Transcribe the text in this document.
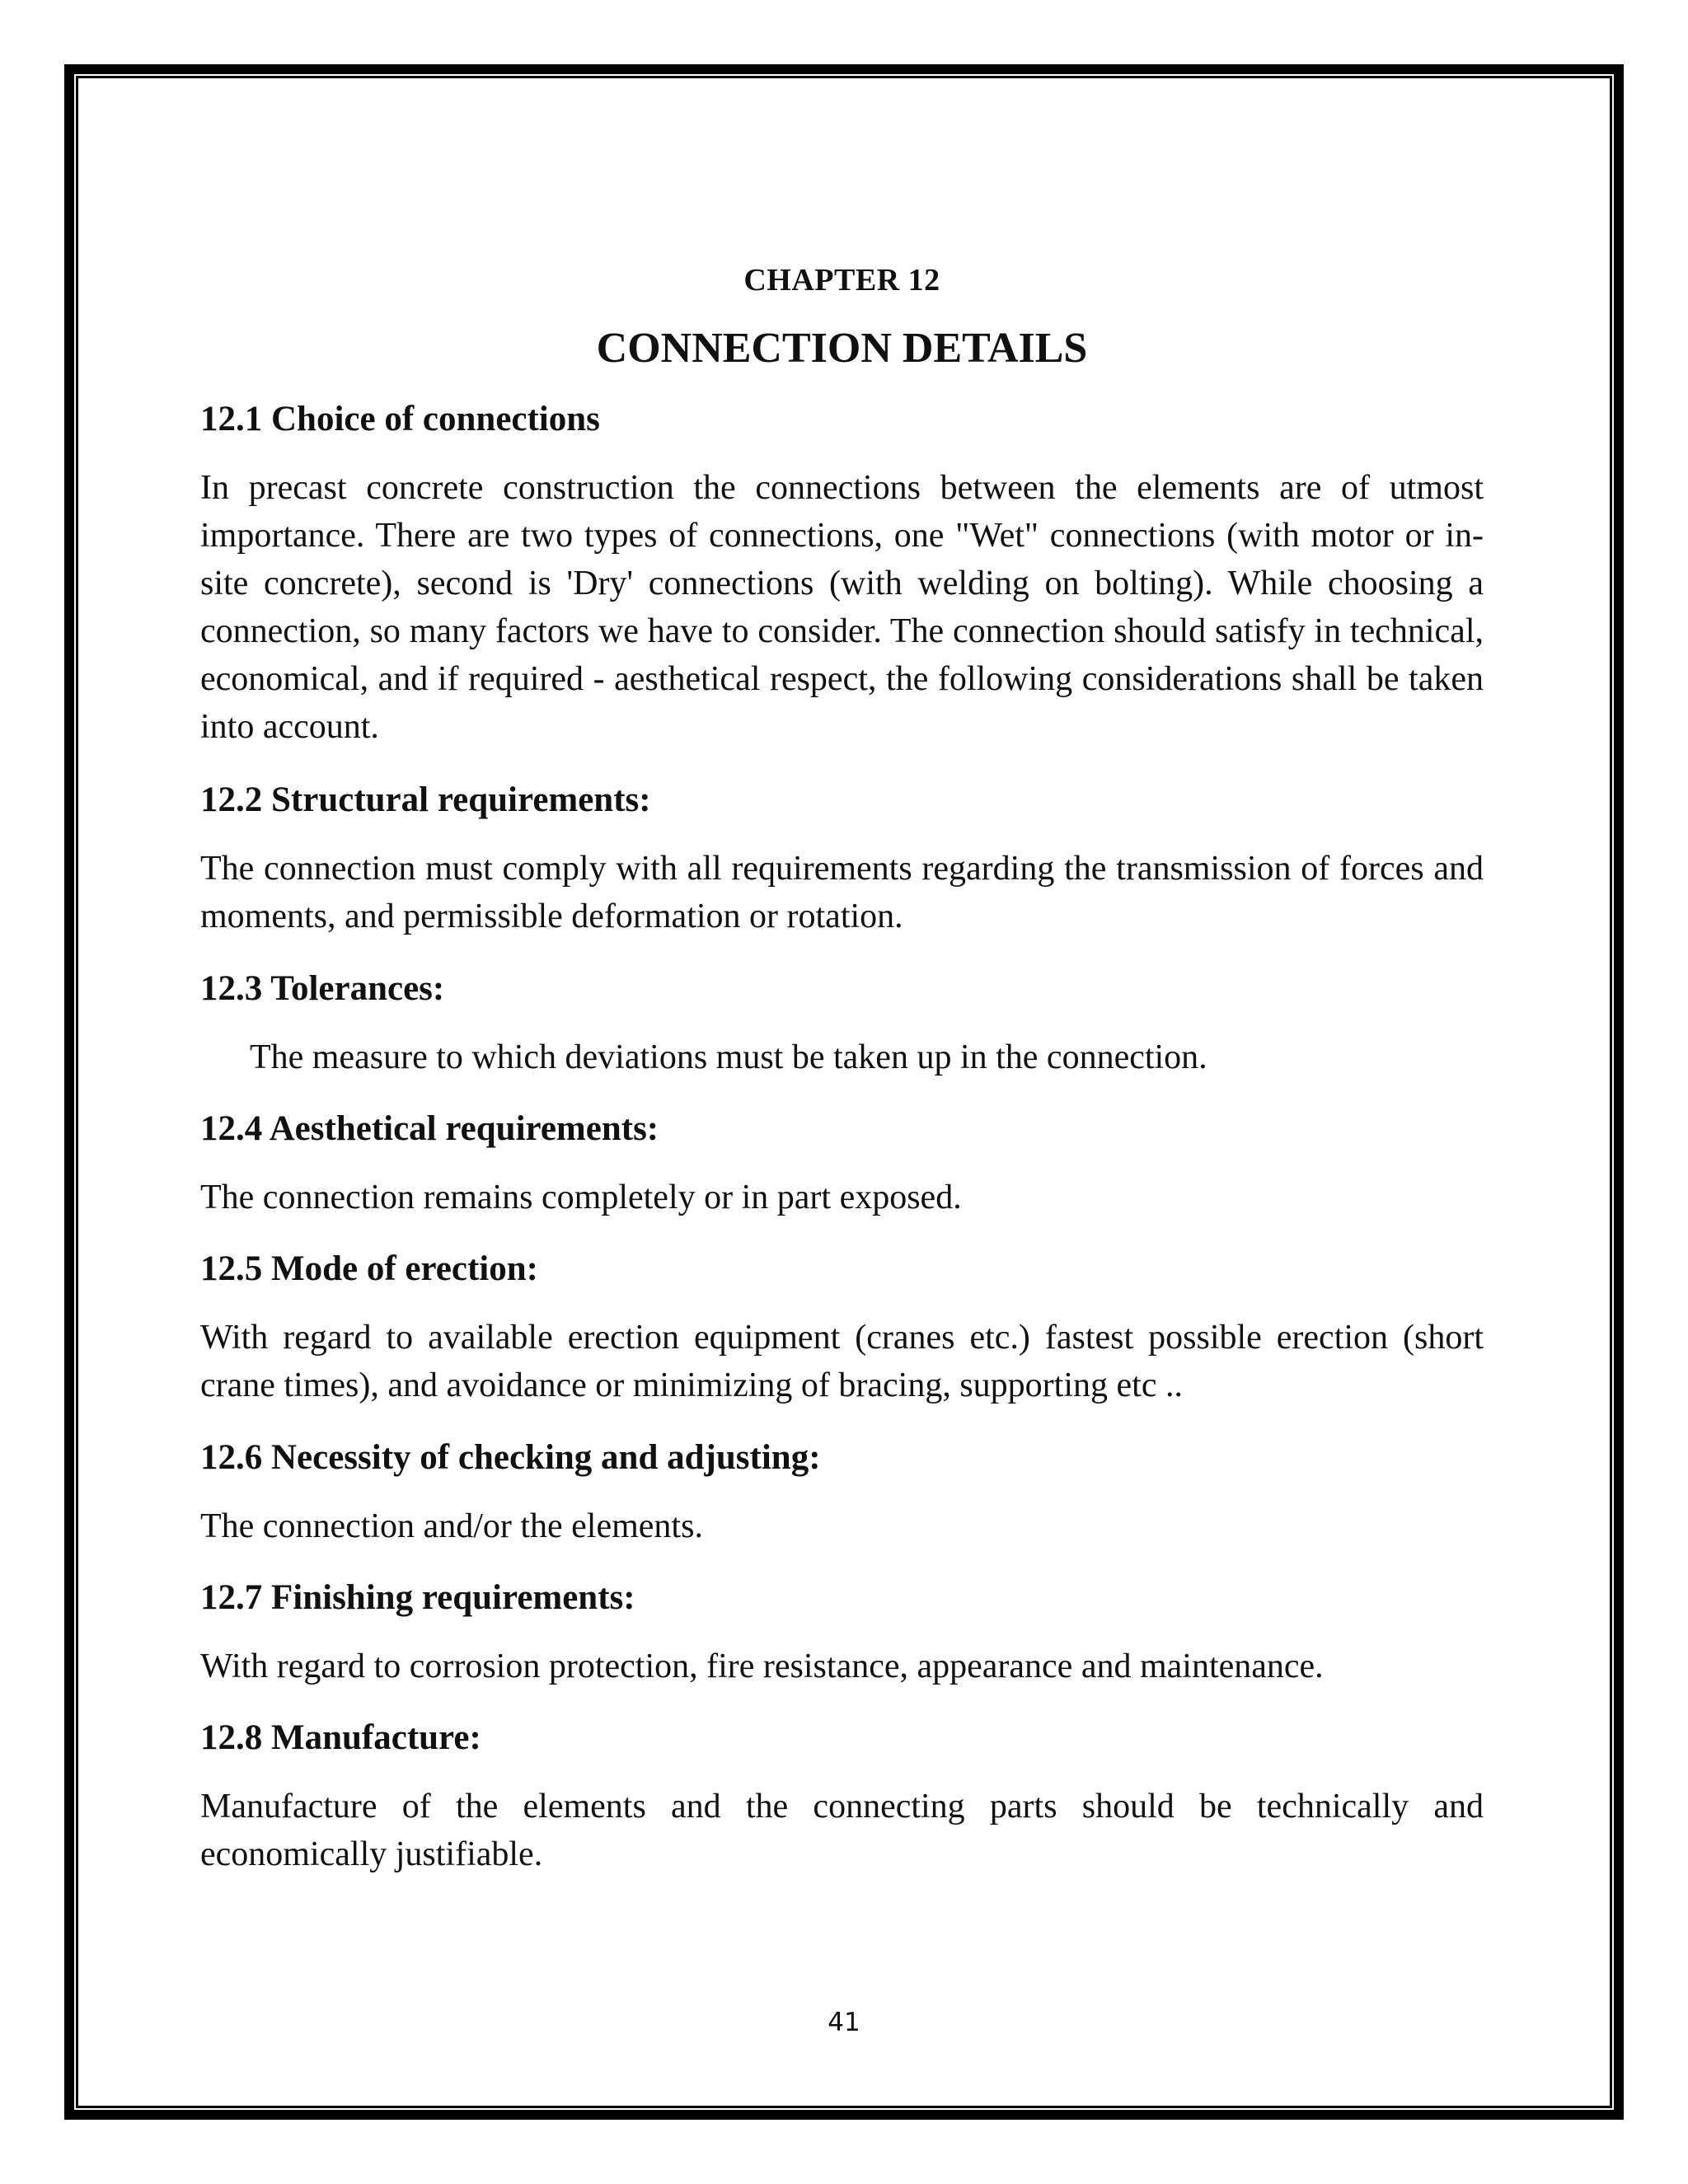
CHAPTER 12
CONNECTION DETAILS

12.1 Choice of connections

In precast concrete construction the connections between the elements are of utmost importance. There are two types of connections, one "Wet" connections (with motor or in-site concrete), second is 'Dry' connections (with welding on bolting). While choosing a connection, so many factors we have to consider. The connection should satisfy in technical, economical, and if required - aesthetical respect, the following considerations shall be taken into account.

12.2 Structural requirements:

The connection must comply with all requirements regarding the transmission of forces and moments, and permissible deformation or rotation.

12.3 Tolerances:

The measure to which deviations must be taken up in the connection.

12.4 Aesthetical requirements:

The connection remains completely or in part exposed.

12.5 Mode of erection:

With regard to available erection equipment (cranes etc.) fastest possible erection (short crane times), and avoidance or minimizing of bracing, supporting etc ..

12.6 Necessity of checking and adjusting:

The connection and/or the elements.

12.7 Finishing requirements:

With regard to corrosion protection, fire resistance, appearance and maintenance.

12.8 Manufacture:

Manufacture of the elements and the connecting parts should be technically and economically justifiable.

41
